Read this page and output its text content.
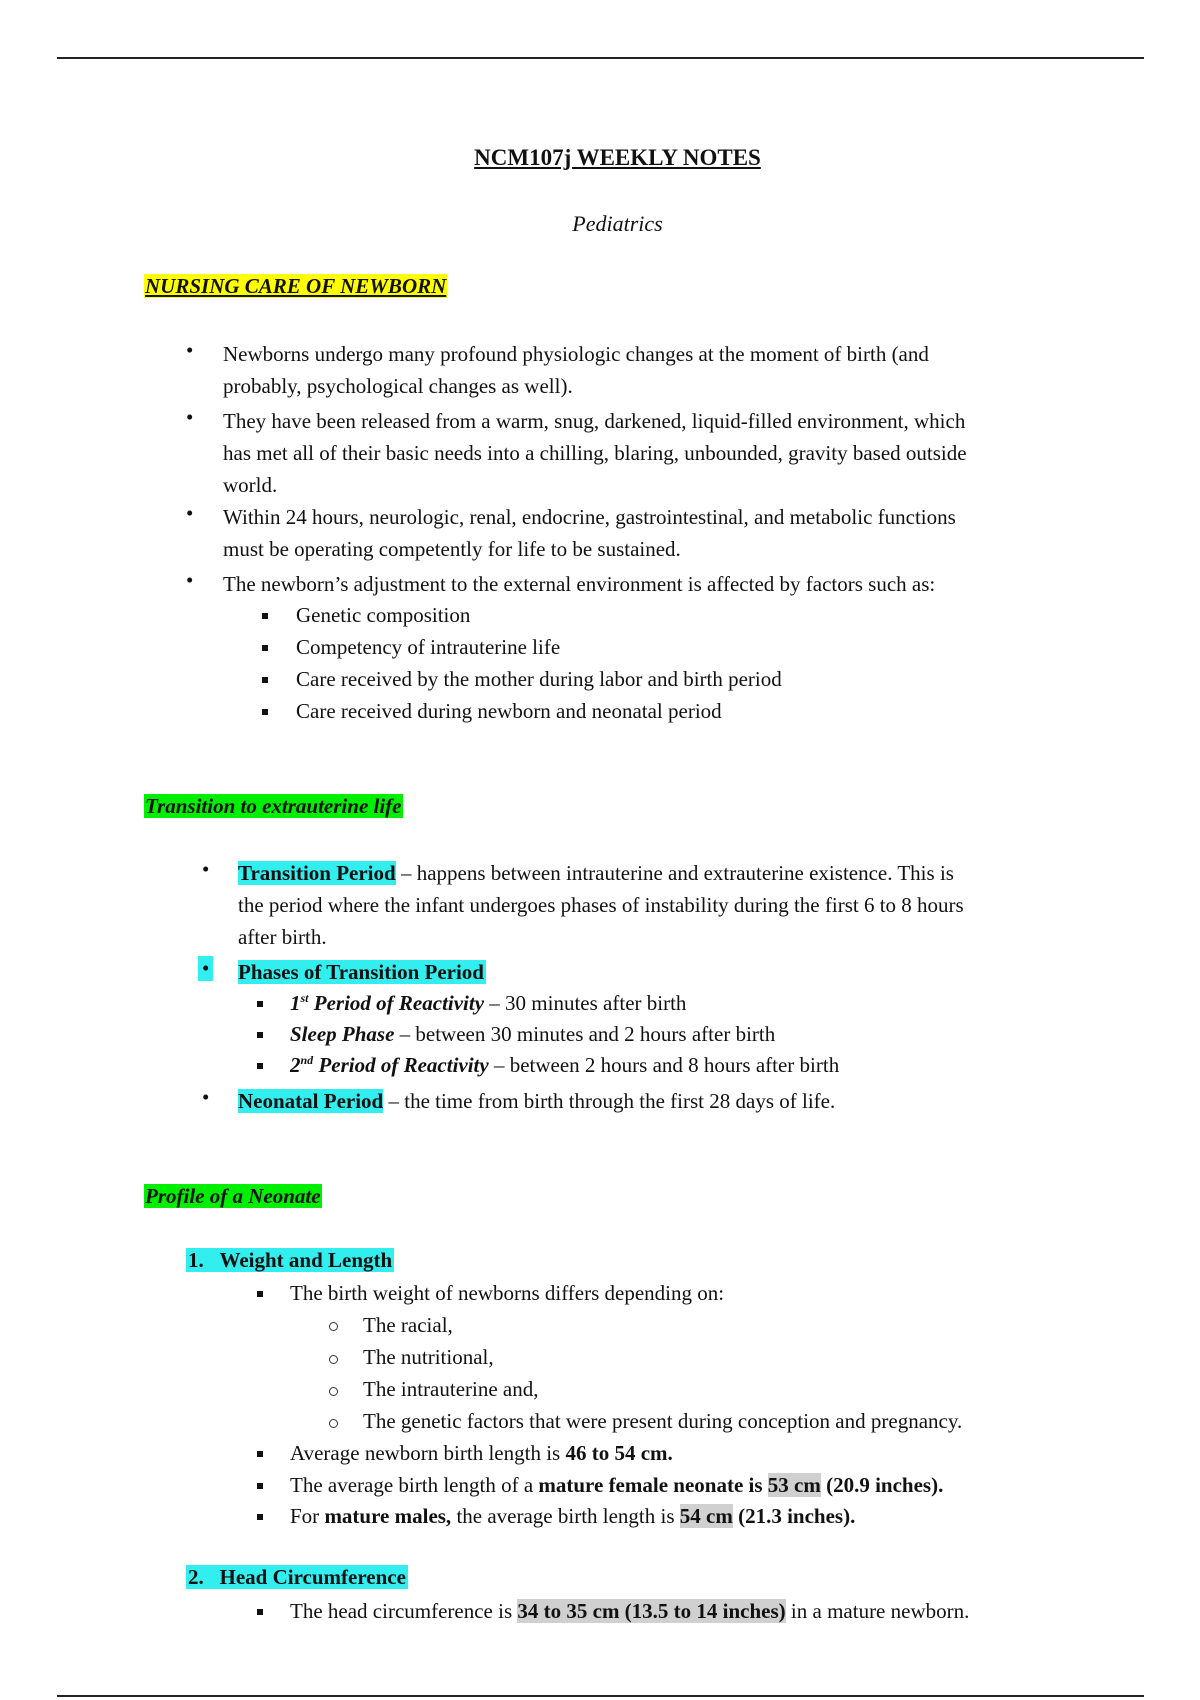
NCM107j WEEKLY NOTES
Pediatrics
NURSING CARE OF NEWBORN
• Newborns undergo many profound physiologic changes at the moment of birth (and
probably, psychological changes as well).
• They have been released from a warm, snug, darkened, liquid-filled environment, which
has met all of their basic needs into a chilling, blaring, unbounded, gravity based outside
world.
• Within 24 hours, neurologic, renal, endocrine, gastrointestinal, and metabolic functions
must be operating competently for life to be sustained.
• The newborn’s adjustment to the external environment is affected by factors such as:
Genetic composition
Competency of intrauterine life
Care received by the mother during labor and birth period
Care received during newborn and neonatal period
Transition to extrauterine life
• Transition Period – happens between intrauterine and extrauterine existence. This is
the period where the infant undergoes phases of instability during the first 6 to 8 hours
after birth.
• Phases of Transition Period
1st Period of Reactivity – 30 minutes after birth
Sleep Phase – between 30 minutes and 2 hours after birth
2nd Period of Reactivity – between 2 hours and 8 hours after birth
• Neonatal Period – the time from birth through the first 28 days of life.
Profile of a Neonate
1. Weight and Length
The birth weight of newborns differs depending on:
The racial,
The nutritional,
The intrauterine and,
The genetic factors that were present during conception and pregnancy.
Average newborn birth length is 46 to 54 cm.
The average birth length of a mature female neonate is 53 cm (20.9 inches).
For mature males, the average birth length is 54 cm (21.3 inches).
2. Head Circumference
The head circumference is 34 to 35 cm (13.5 to 14 inches) in a mature newborn.
